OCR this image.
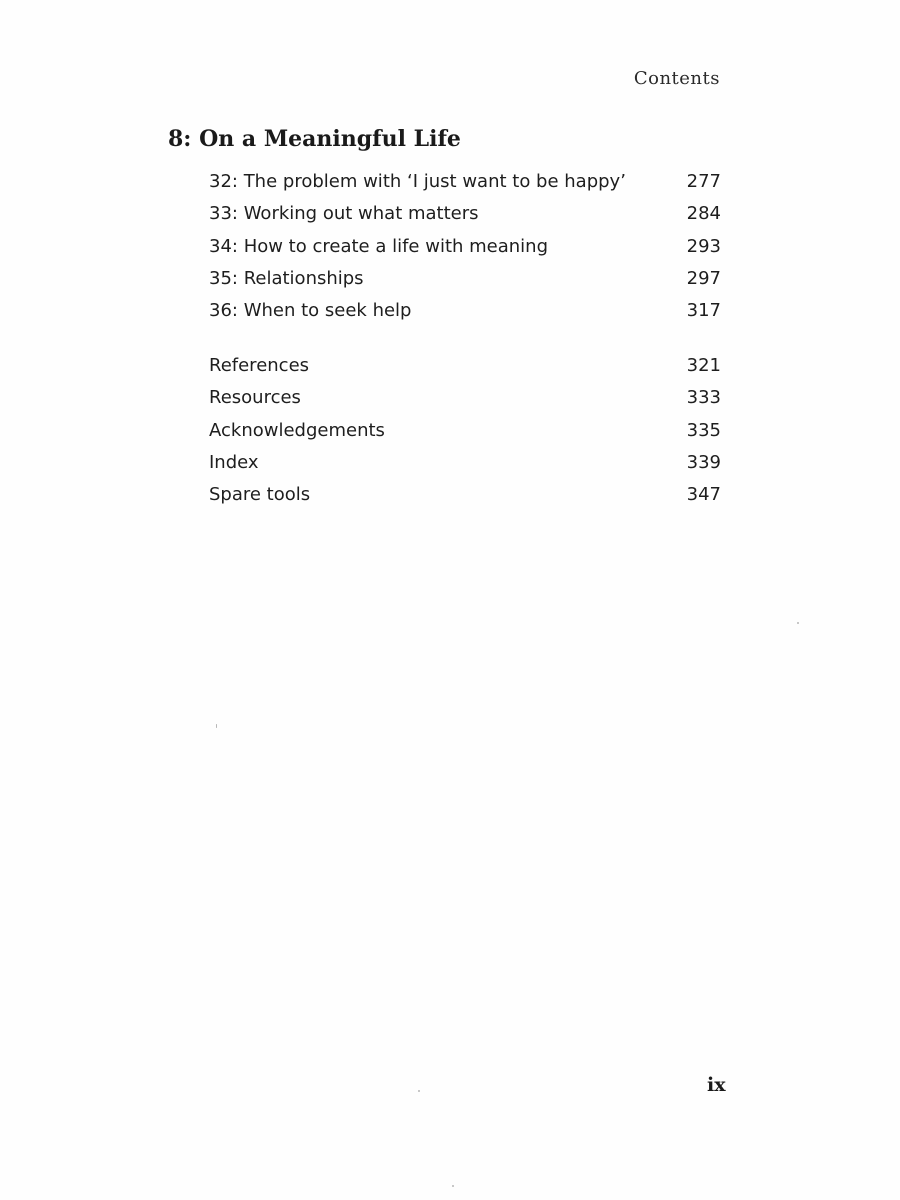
Contents
8: On a Meaningful Life
32: The problem with ‘I just want to be happy’	277
33: Working out what matters	284
34: How to create a life with meaning	293
35: Relationships	297
36: When to seek help	317
References	321
Resources	333
Acknowledgements	335
Index	339
Spare tools	347
ix
